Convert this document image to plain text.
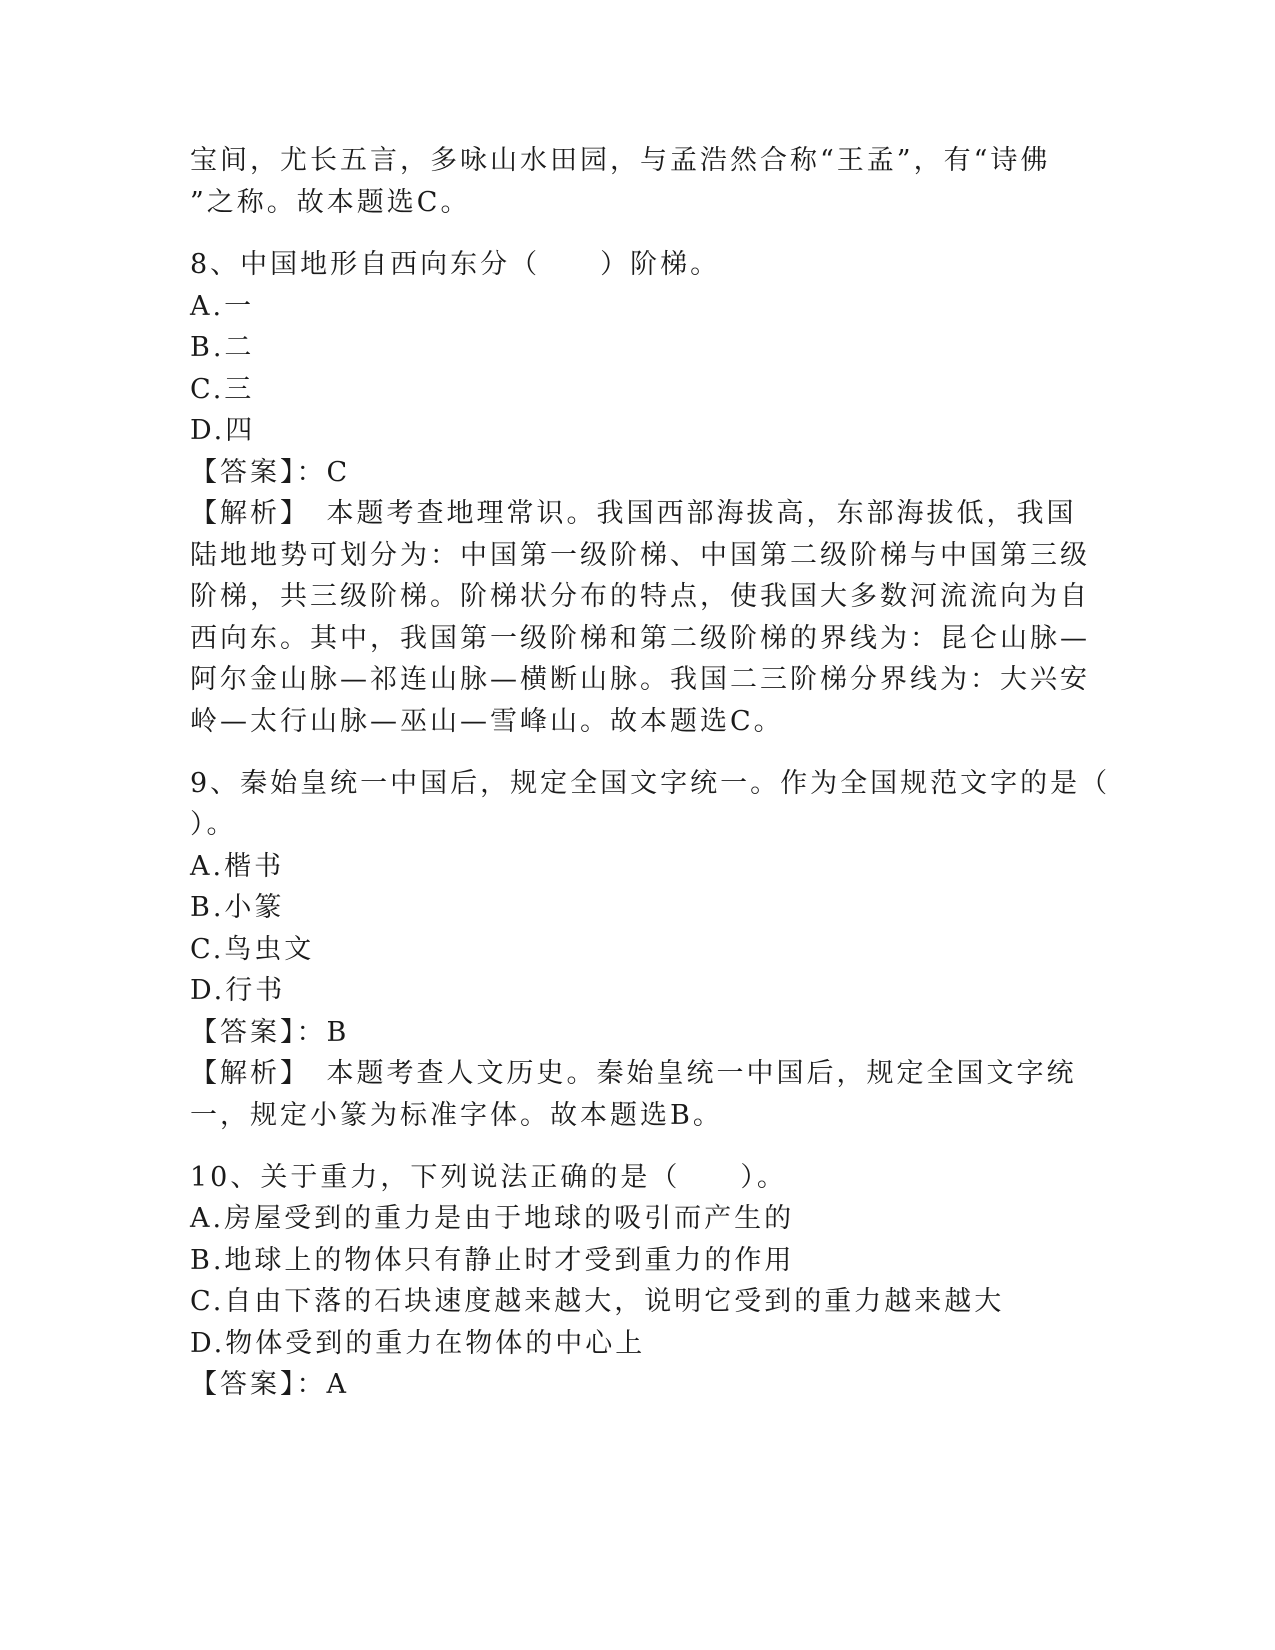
宝间，尤长五言，多咏山水田园，与孟浩然合称“王孟”，有“诗佛
”之称。故本题选C。
8、中国地形自西向东分（　　）阶梯。
A.一
B.二
C.三
D.四
【答案】：C
【解析】　本题考查地理常识。我国西部海拔高，东部海拔低，我国
陆地地势可划分为：中国第一级阶梯、中国第二级阶梯与中国第三级
阶梯，共三级阶梯。阶梯状分布的特点，使我国大多数河流流向为自
西向东。其中，我国第一级阶梯和第二级阶梯的界线为：昆仑山脉—
阿尔金山脉—祁连山脉—横断山脉。我国二三阶梯分界线为：大兴安
岭—太行山脉—巫山—雪峰山。故本题选C。
9、秦始皇统一中国后，规定全国文字统一。作为全国规范文字的是（
）。
A.楷书
B.小篆
C.鸟虫文
D.行书
【答案】：B
【解析】　本题考查人文历史。秦始皇统一中国后，规定全国文字统
一，规定小篆为标准字体。故本题选B。
10、关于重力，下列说法正确的是（　　）。
A.房屋受到的重力是由于地球的吸引而产生的
B.地球上的物体只有静止时才受到重力的作用
C.自由下落的石块速度越来越大，说明它受到的重力越来越大
D.物体受到的重力在物体的中心上
【答案】：A
